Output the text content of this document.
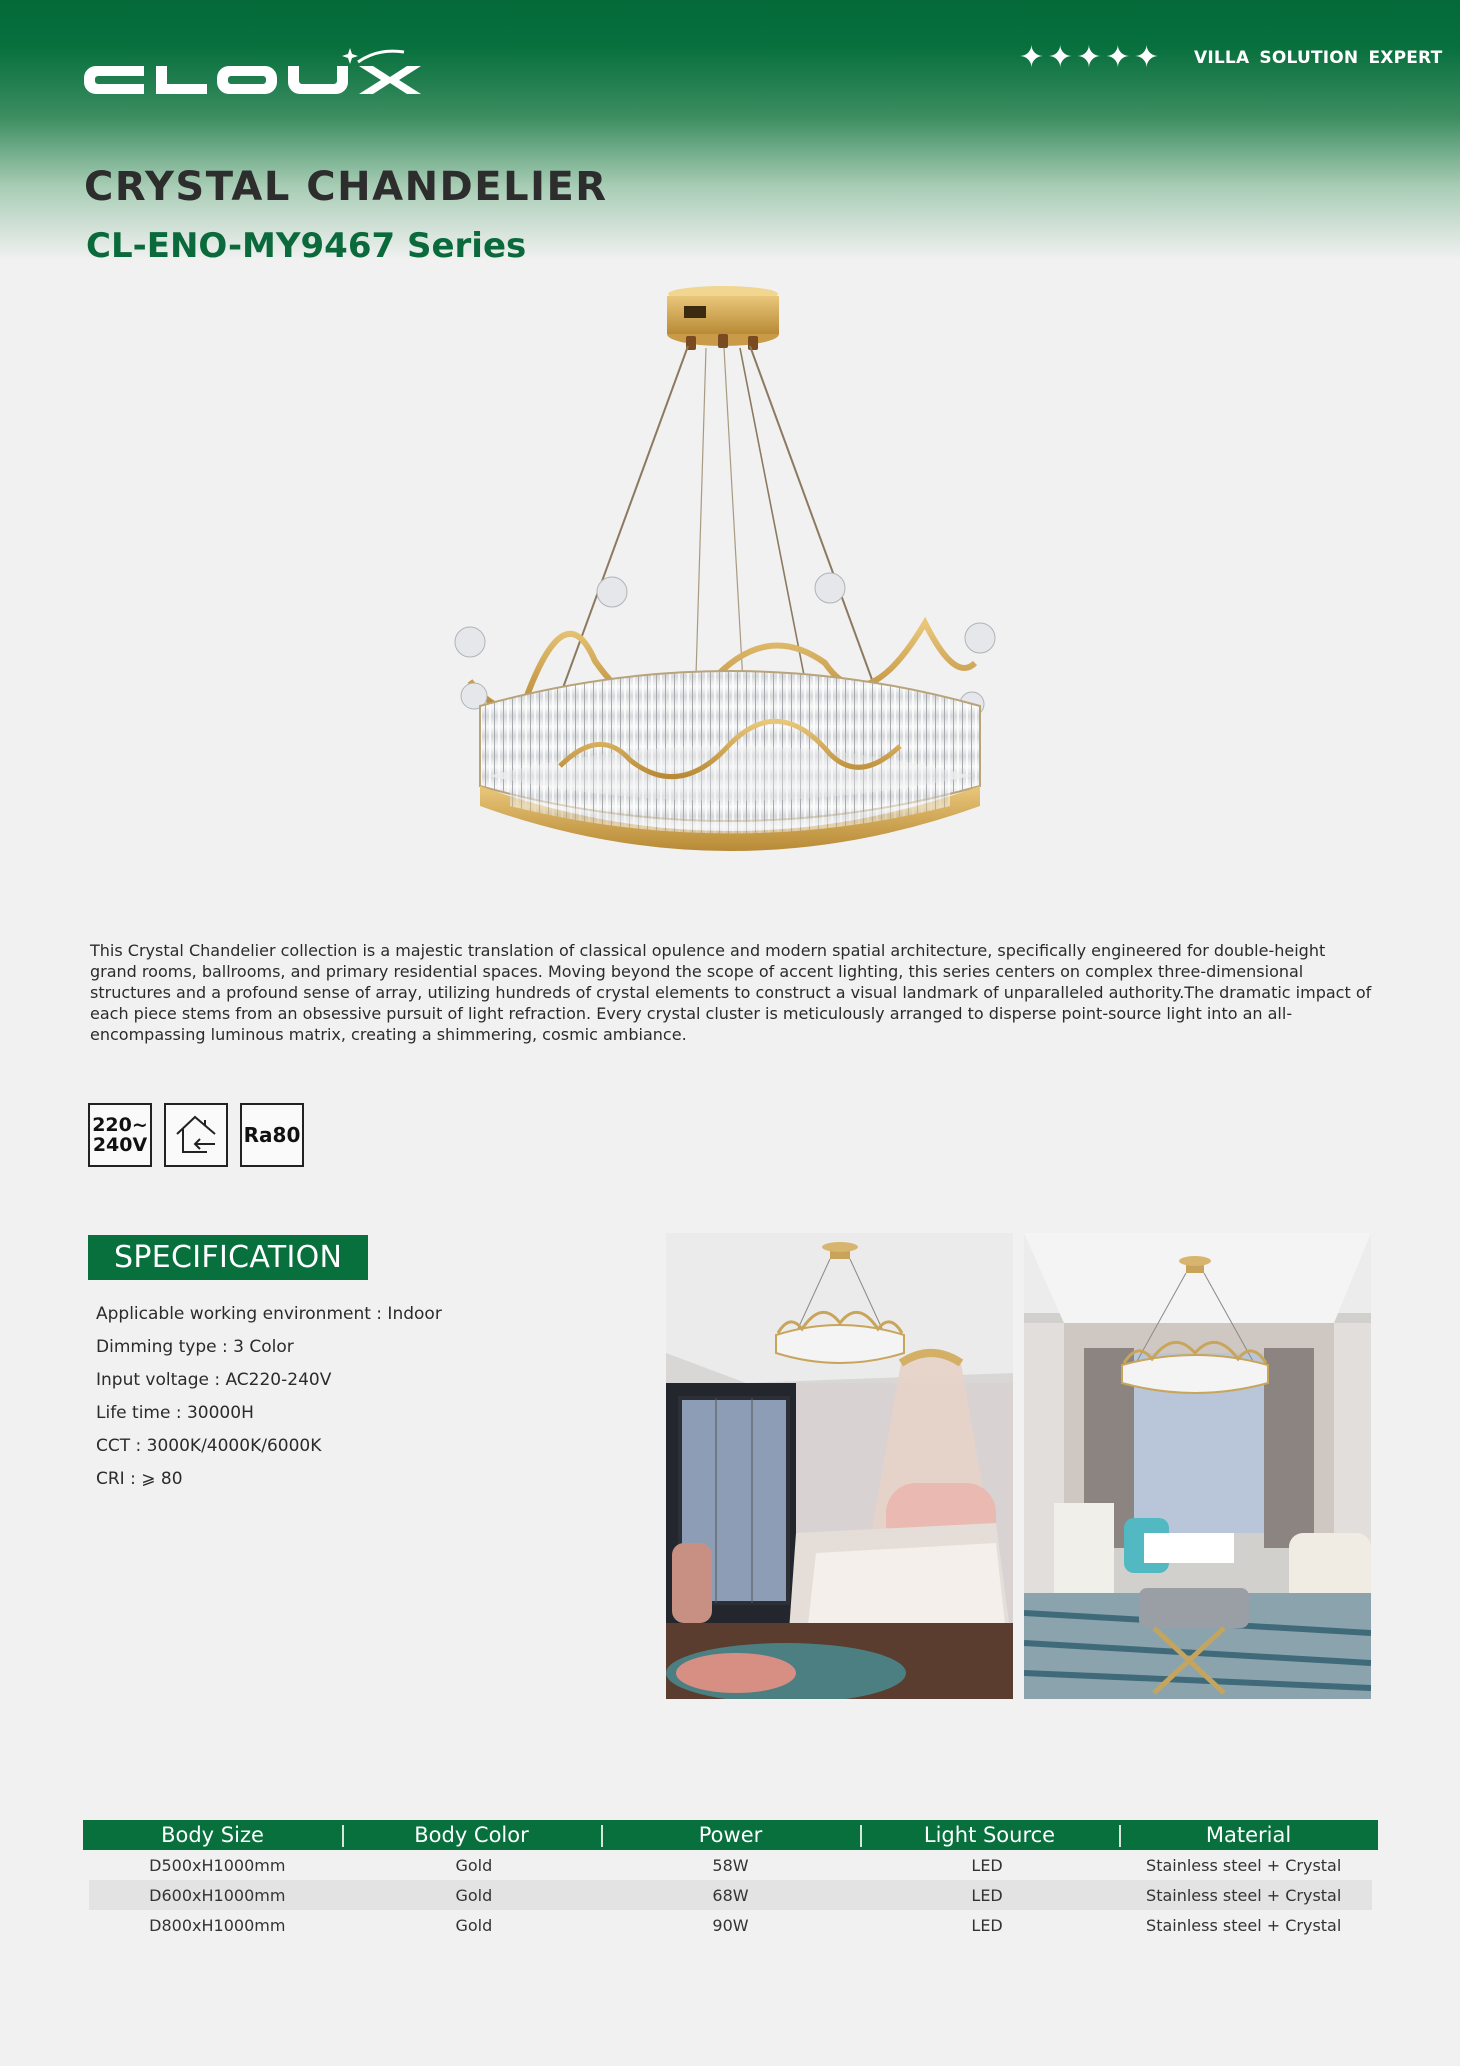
✦ ✦ ✦ ✦ ✦ VILLA SOLUTION EXPERT
CRYSTAL CHANDELIER
CL-ENO-MY9467 Series

This Crystal Chandelier collection is a majestic translation of classical opulence and modern spatial architecture, specifically engineered for double-height grand rooms, ballrooms, and primary residential spaces. Moving beyond the scope of accent lighting, this series centers on complex three-dimensional structures and a profound sense of array, utilizing hundreds of crystal elements to construct a visual landmark of unparalleled authority.The dramatic impact of each piece stems from an obsessive pursuit of light refraction. Every crystal cluster is meticulously arranged to disperse point-source light into an all-encompassing luminous matrix, creating a shimmering, cosmic ambiance.

220~
240V	Ra80
SPECIFICATION
Applicable working environment : Indoor
Dimming type : 3 Color
Input voltage : AC220-240V
Life time : 30000H
CCT : 3000K/4000K/6000K
CRI : ⩾ 80
Body Size	Body Color	Power	Light Source	Material
D500xH1000mm	Gold	58W	LED	Stainless steel + Crystal
D600xH1000mm	Gold	68W	LED	Stainless steel + Crystal
D800xH1000mm	Gold	90W	LED	Stainless steel + Crystal
